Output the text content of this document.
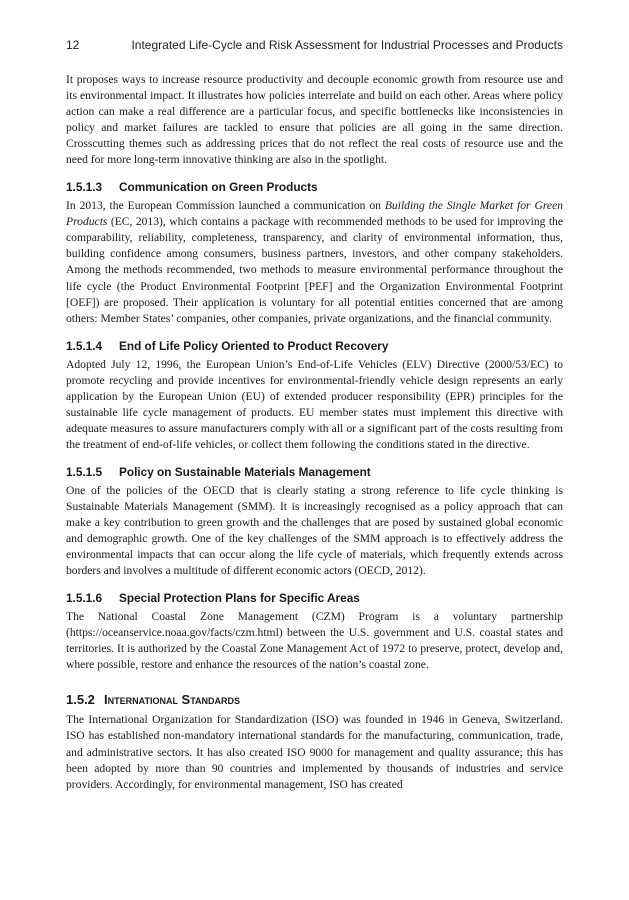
12	Integrated Life-Cycle and Risk Assessment for Industrial Processes and Products

It proposes ways to increase resource productivity and decouple economic growth from resource use and its environmental impact. It illustrates how policies interrelate and build on each other. Areas where policy action can make a real difference are a particular focus, and specific bottlenecks like inconsistencies in policy and market failures are tackled to ensure that policies are all going in the same direction. Crosscutting themes such as addressing prices that do not reflect the real costs of resource use and the need for more long-term innovative thinking are also in the spotlight.

1.5.1.3 Communication on Green Products

In 2013, the European Commission launched a communication on Building the Single Market for Green Products (EC, 2013), which contains a package with recommended methods to be used for improving the comparability, reliability, completeness, transparency, and clarity of environmental information, thus, building confidence among consumers, business partners, investors, and other company stakeholders. Among the methods recommended, two methods to measure environmental performance throughout the life cycle (the Product Environmental Footprint [PEF] and the Organization Environmental Footprint [OEF]) are proposed. Their application is voluntary for all potential entities concerned that are among others: Member States’ companies, other companies, private organizations, and the financial community.

1.5.1.4 End of Life Policy Oriented to Product Recovery

Adopted July 12, 1996, the European Union’s End-of-Life Vehicles (ELV) Directive (2000/53/EC) to promote recycling and provide incentives for environmental-friendly vehicle design represents an early application by the European Union (EU) of extended producer responsibility (EPR) principles for the sustainable life cycle management of products. EU member states must implement this directive with adequate measures to assure manufacturers comply with all or a significant part of the costs resulting from the treatment of end-of-life vehicles, or collect them following the conditions stated in the directive.

1.5.1.5 Policy on Sustainable Materials Management

One of the policies of the OECD that is clearly stating a strong reference to life cycle thinking is Sustainable Materials Management (SMM). It is increasingly recognised as a policy approach that can make a key contribution to green growth and the challenges that are posed by sustained global economic and demographic growth. One of the key challenges of the SMM approach is to effectively address the environmental impacts that can occur along the life cycle of materials, which frequently extends across borders and involves a multitude of different economic actors (OECD, 2012).

1.5.1.6 Special Protection Plans for Specific Areas

The National Coastal Zone Management (CZM) Program is a voluntary partnership (https://oceanservice.noaa.gov/facts/czm.html) between the U.S. government and U.S. coastal states and territories. It is authorized by the Coastal Zone Management Act of 1972 to preserve, protect, develop and, where possible, restore and enhance the resources of the nation’s coastal zone.

1.5.2 International Standards

The International Organization for Standardization (ISO) was founded in 1946 in Geneva, Switzerland. ISO has established non-mandatory international standards for the manufacturing, communication, trade, and administrative sectors. It has also created ISO 9000 for management and quality assurance; this has been adopted by more than 90 countries and implemented by thousands of industries and service providers. Accordingly, for environmental management, ISO has created
